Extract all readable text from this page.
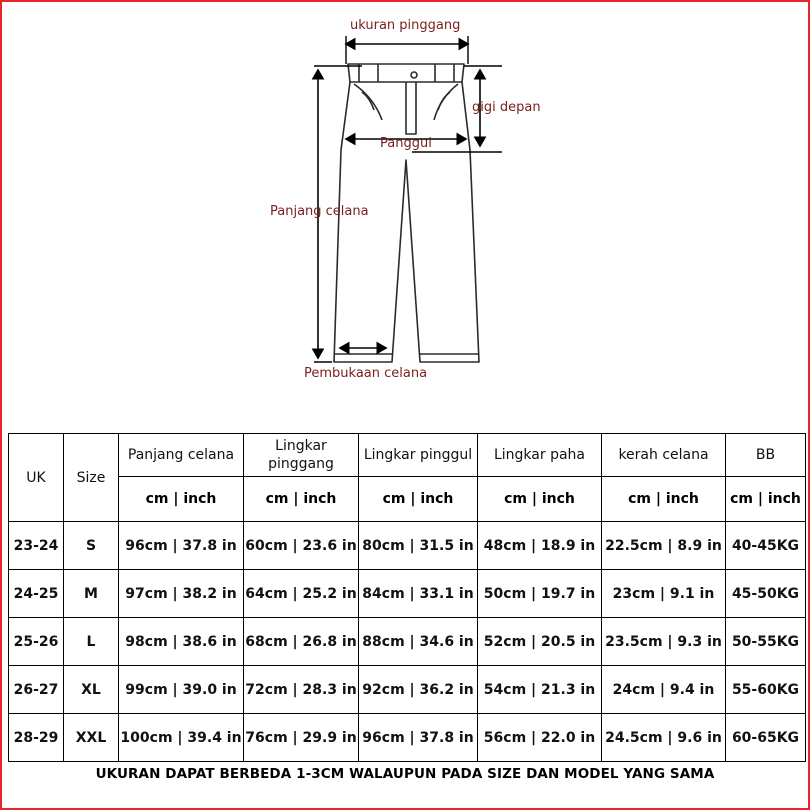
ukuran pinggang
gigi depan
Panggul
Panjang celana
Pembukaan celana
UK	Size	Panjang celana	Lingkar pinggang	Lingkar pinggul	Lingkar paha	kerah celana	BB
		cm | inch	cm | inch	cm | inch	cm | inch	cm | inch	cm | inch
23-24	S	96cm | 37.8 in	60cm | 23.6 in	80cm | 31.5 in	48cm | 18.9 in	22.5cm | 8.9 in	40-45KG
24-25	M	97cm | 38.2 in	64cm | 25.2 in	84cm | 33.1 in	50cm | 19.7 in	23cm | 9.1 in	45-50KG
25-26	L	98cm | 38.6 in	68cm | 26.8 in	88cm | 34.6 in	52cm | 20.5 in	23.5cm | 9.3 in	50-55KG
26-27	XL	99cm | 39.0 in	72cm | 28.3 in	92cm | 36.2 in	54cm | 21.3 in	24cm | 9.4 in	55-60KG
28-29	XXL	100cm | 39.4 in	76cm | 29.9 in	96cm | 37.8 in	56cm | 22.0 in	24.5cm | 9.6 in	60-65KG
UKURAN DAPAT BERBEDA 1-3CM WALAUPUN PADA SIZE DAN MODEL YANG SAMA
